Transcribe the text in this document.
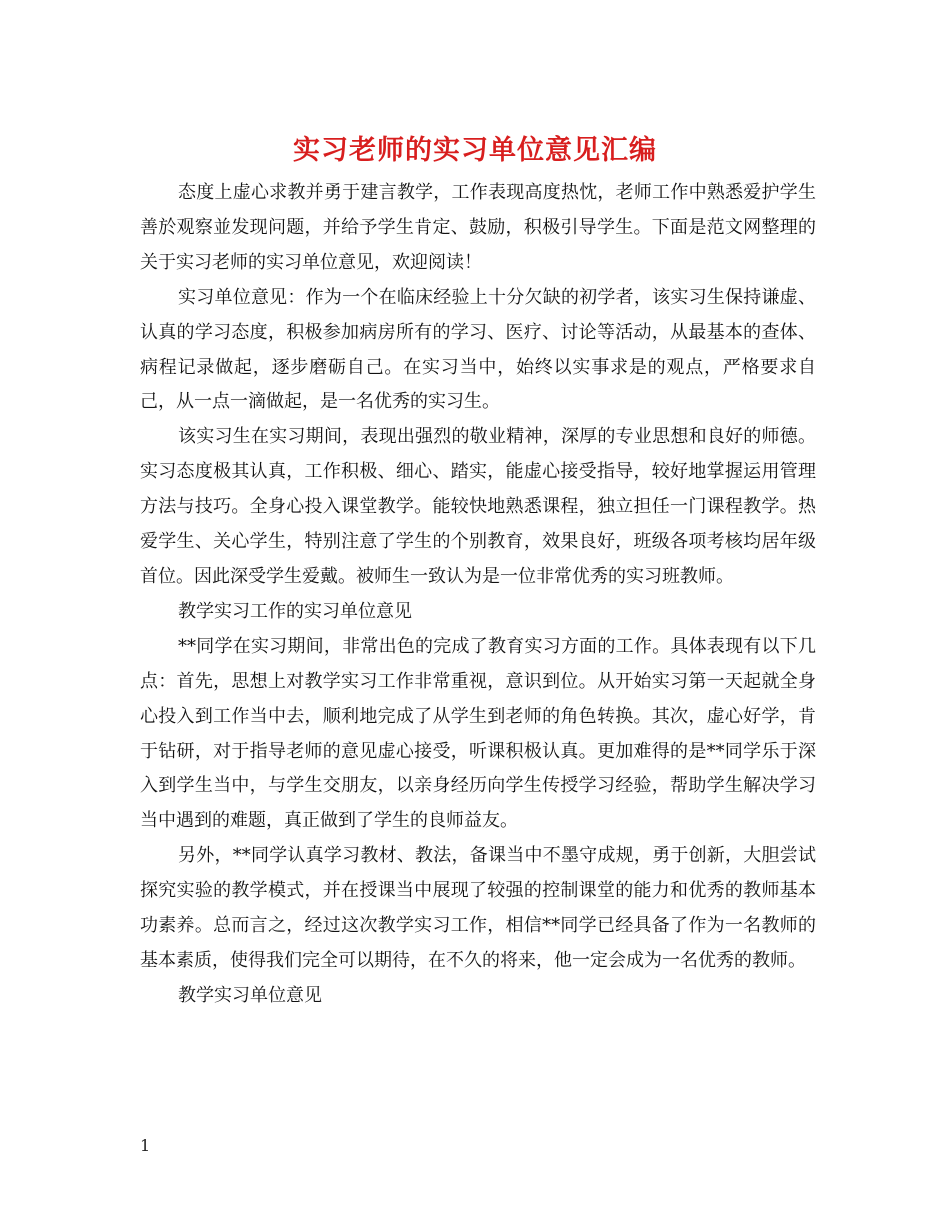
实习老师的实习单位意见汇编

态度上虚心求教并勇于建言教学，工作表现高度热忱，老师工作中熟悉爱护学生善於观察並发现问题，并给予学生肯定、鼓励，积极引导学生。下面是范文网整理的关于实习老师的实习单位意见，欢迎阅读！

实习单位意见：作为一个在临床经验上十分欠缺的初学者，该实习生保持谦虚、认真的学习态度，积极参加病房所有的学习、医疗、讨论等活动，从最基本的查体、病程记录做起，逐步磨砺自己。在实习当中，始终以实事求是的观点，严格要求自己，从一点一滴做起，是一名优秀的实习生。

该实习生在实习期间，表现出强烈的敬业精神，深厚的专业思想和良好的师德。实习态度极其认真，工作积极、细心、踏实，能虚心接受指导，较好地掌握运用管理方法与技巧。全身心投入课堂教学。能较快地熟悉课程，独立担任一门课程教学。热爱学生、关心学生，特别注意了学生的个别教育，效果良好，班级各项考核均居年级首位。因此深受学生爱戴。被师生一致认为是一位非常优秀的实习班教师。

教学实习工作的实习单位意见

**同学在实习期间，非常出色的完成了教育实习方面的工作。具体表现有以下几点：首先，思想上对教学实习工作非常重视，意识到位。从开始实习第一天起就全身心投入到工作当中去，顺利地完成了从学生到老师的角色转换。其次，虚心好学，肯于钻研，对于指导老师的意见虚心接受，听课积极认真。更加难得的是**同学乐于深入到学生当中，与学生交朋友，以亲身经历向学生传授学习经验，帮助学生解决学习当中遇到的难题，真正做到了学生的良师益友。

另外，**同学认真学习教材、教法，备课当中不墨守成规，勇于创新，大胆尝试探究实验的教学模式，并在授课当中展现了较强的控制课堂的能力和优秀的教师基本功素养。总而言之，经过这次教学实习工作，相信**同学已经具备了作为一名教师的基本素质，使得我们完全可以期待，在不久的将来，他一定会成为一名优秀的教师。

教学实习单位意见

1
